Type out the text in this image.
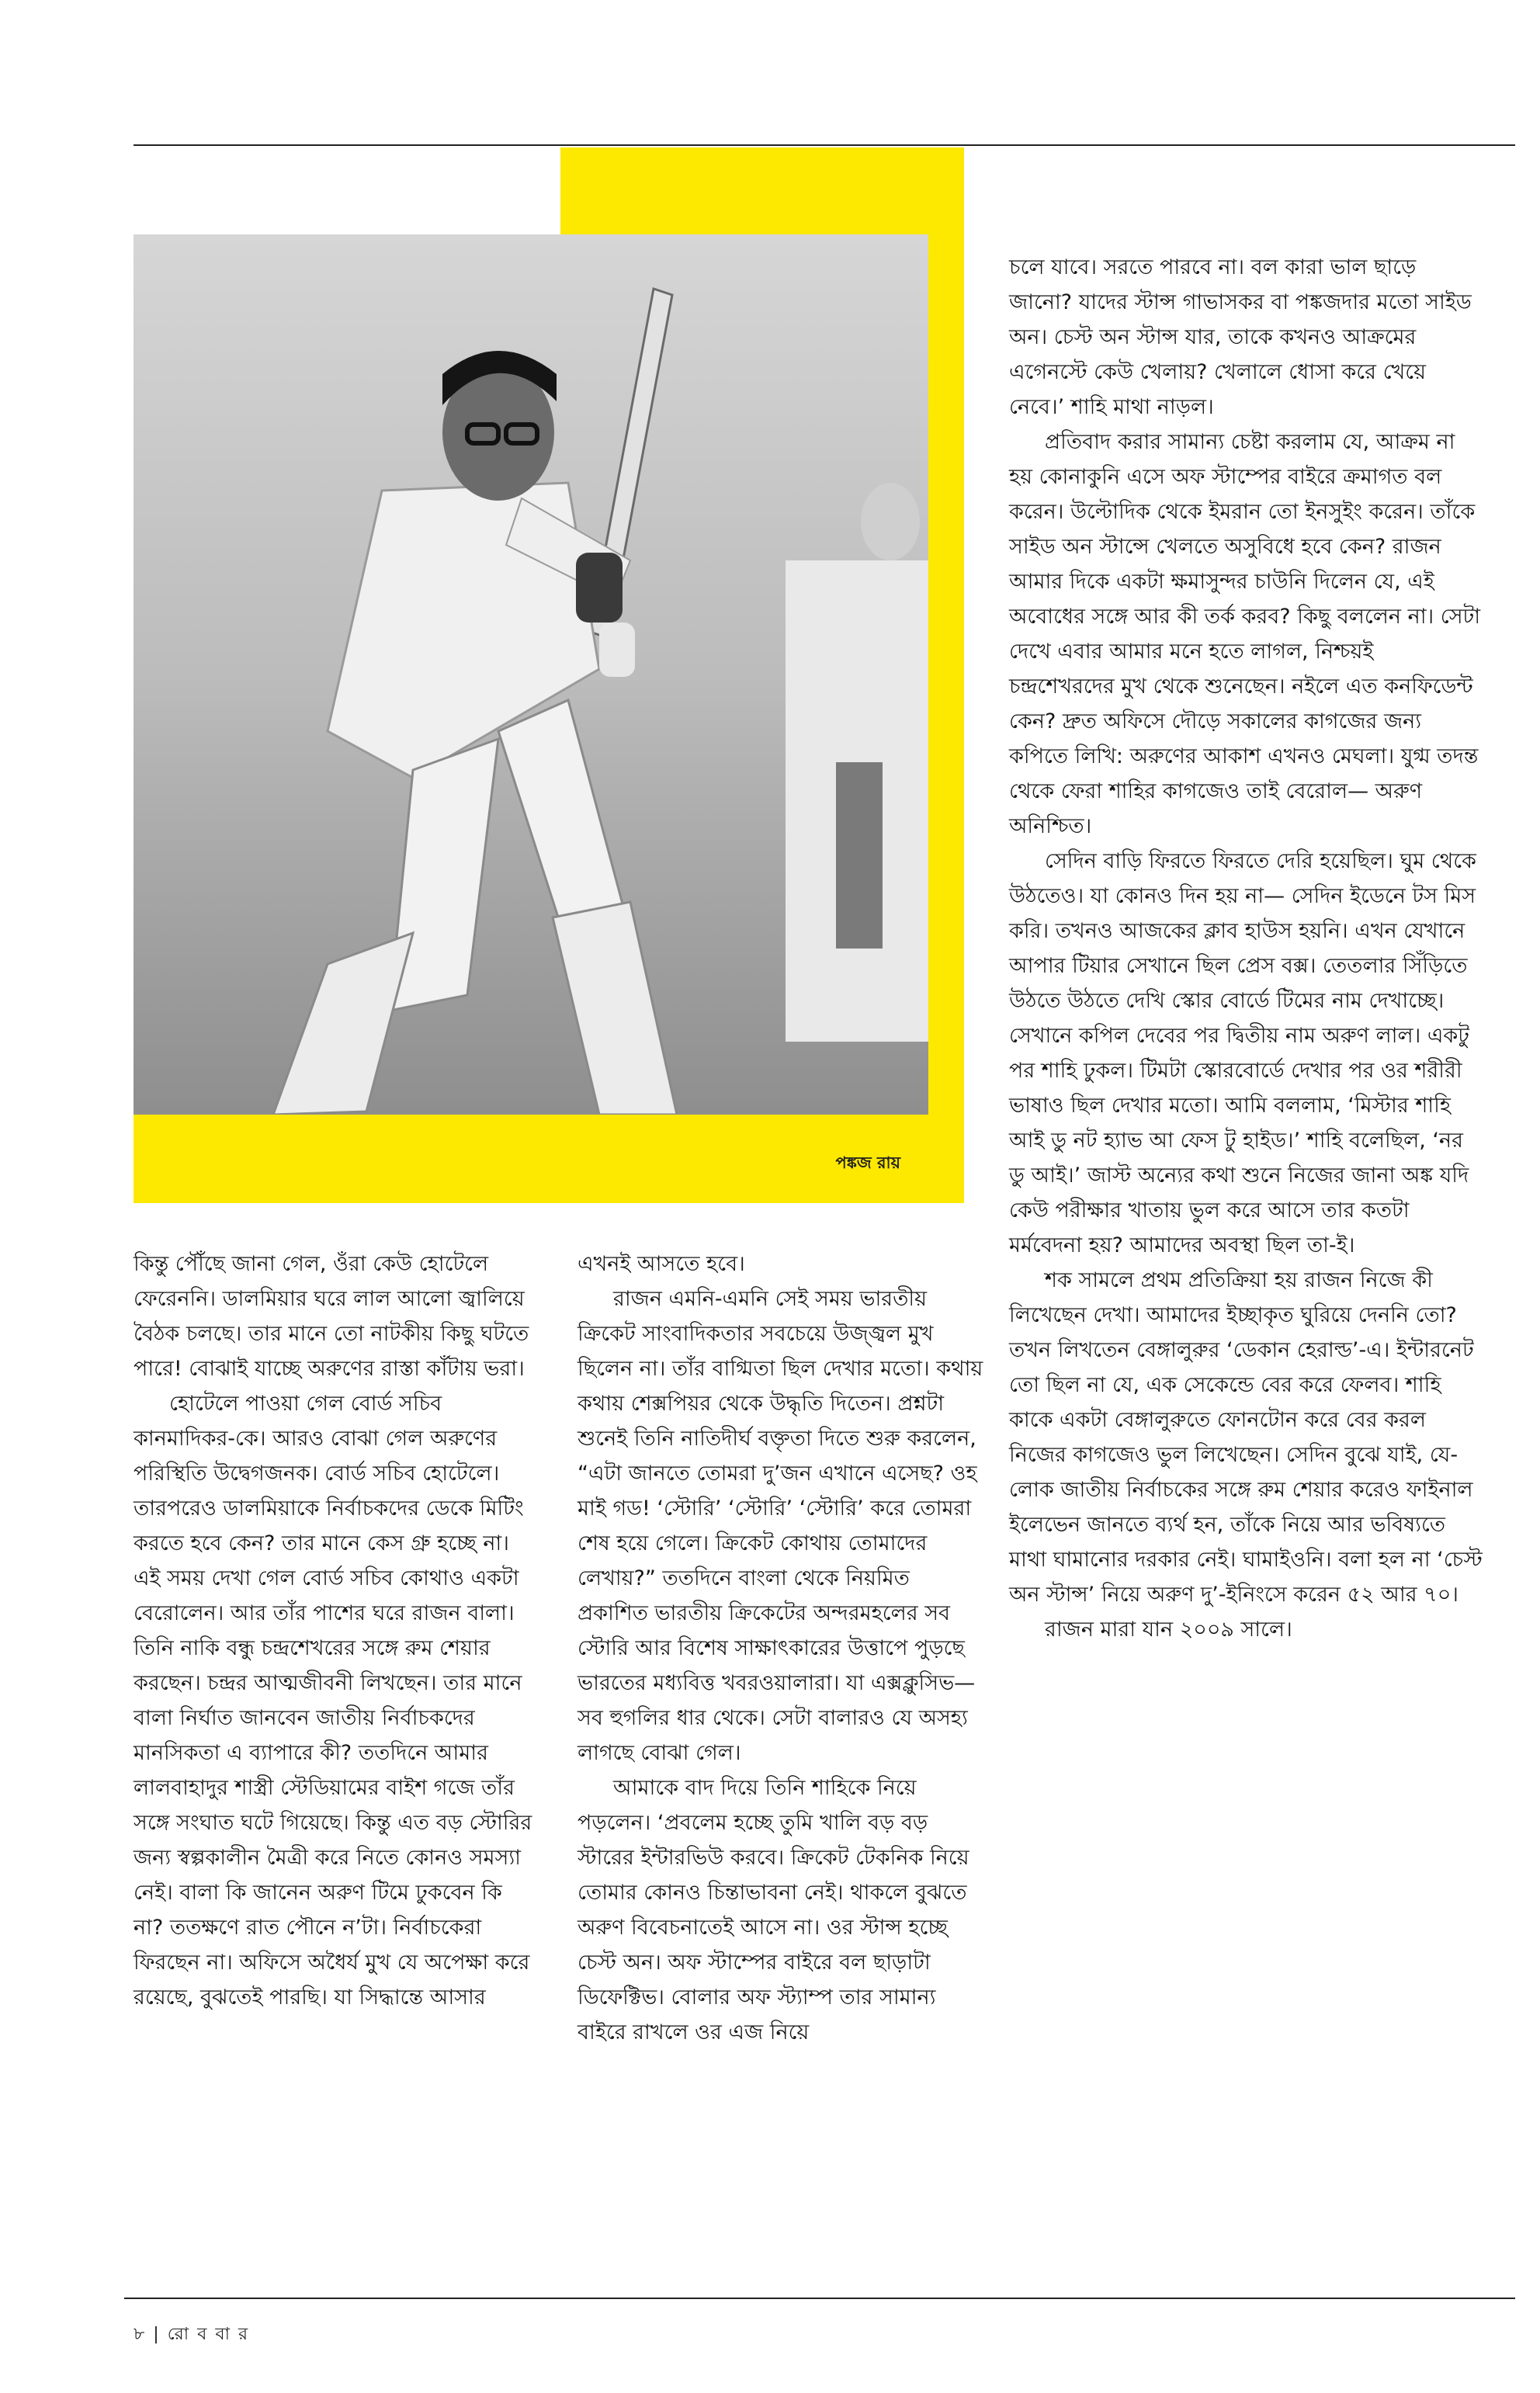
পঙ্কজ রায়

চলে যাবে। সরতে পারবে না। বল কারা ভাল ছাড়ে জানো? যাদের স্টান্স গাভাসকর বা পঙ্কজদার মতো সাইড অন। চেস্ট অন স্টান্স যার, তাকে কখনও আক্রমের এগেনস্টে কেউ খেলায়? খেলালে ধোসা করে খেয়ে নেবে।’ শাহি মাথা নাড়ল।

প্রতিবাদ করার সামান্য চেষ্টা করলাম যে, আক্রম না হয় কোনাকুনি এসে অফ স্টাম্পের বাইরে ক্রমাগত বল করেন। উল্টোদিক থেকে ইমরান তো ইনসুইং করেন। তাঁকে সাইড অন স্টান্সে খেলতে অসুবিধে হবে কেন? রাজন আমার দিকে একটা ক্ষমাসুন্দর চাউনি দিলেন যে, এই অবোধের সঙ্গে আর কী তর্ক করব? কিছু বললেন না। সেটা দেখে এবার আমার মনে হতে লাগল, নিশ্চয়ই চন্দ্রশেখরদের মুখ থেকে শুনেছেন। নইলে এত কনফিডেন্ট কেন? দ্রুত অফিসে দৌড়ে সকালের কাগজের জন্য কপিতে লিখি: অরুণের আকাশ এখনও মেঘলা। যুগ্ম তদন্ত থেকে ফেরা শাহির কাগজেও তাই বেরোল— অরুণ অনিশ্চিত।

সেদিন বাড়ি ফিরতে ফিরতে দেরি হয়েছিল। ঘুম থেকে উঠতেও। যা কোনও দিন হয় না— সেদিন ইডেনে টস মিস করি। তখনও আজকের ক্লাব হাউস হয়নি। এখন যেখানে আপার টিয়ার সেখানে ছিল প্রেস বক্স। তেতলার সিঁড়িতে উঠতে উঠতে দেখি স্কোর বোর্ডে টিমের নাম দেখাচ্ছে। সেখানে কপিল দেবের পর দ্বিতীয় নাম অরুণ লাল। একটু পর শাহি ঢুকল। টিমটা স্কোরবোর্ডে দেখার পর ওর শরীরী ভাষাও ছিল দেখার মতো। আমি বললাম, ‘মিস্টার শাহি আই ডু নট হ্যাভ আ ফেস টু হাইড।’ শাহি বলেছিল, ‘নর ডু আই।’ জাস্ট অন্যের কথা শুনে নিজের জানা অঙ্ক যদি কেউ পরীক্ষার খাতায় ভুল করে আসে তার কতটা মর্মবেদনা হয়? আমাদের অবস্থা ছিল তা-ই।

শক সামলে প্রথম প্রতিক্রিয়া হয় রাজন নিজে কী লিখেছেন দেখা। আমাদের ইচ্ছাকৃত ঘুরিয়ে দেননি তো? তখন লিখতেন বেঙ্গালুরুর ‘ডেকান হেরাল্ড’-এ। ইন্টারনেট তো ছিল না যে, এক সেকেন্ডে বের করে ফেলব। শাহি কাকে একটা বেঙ্গালুরুতে ফোনটোন করে বের করল নিজের কাগজেও ভুল লিখেছেন। সেদিন বুঝে যাই, যে-লোক জাতীয় নির্বাচকের সঙ্গে রুম শেয়ার করেও ফাইনাল ইলেভেন জানতে ব্যর্থ হন, তাঁকে নিয়ে আর ভবিষ্যতে মাথা ঘামানোর দরকার নেই। ঘামাইওনি। বলা হল না ‘চেস্ট অন স্টান্স’ নিয়ে অরুণ দু’-ইনিংসে করেন ৫২ আর ৭০।

রাজন মারা যান ২০০৯ সালে।

কিন্তু পৌঁছে জানা গেল, ওঁরা কেউ হোটেলে ফেরেননি। ডালমিয়ার ঘরে লাল আলো জ্বালিয়ে বৈঠক চলছে। তার মানে তো নাটকীয় কিছু ঘটতে পারে! বোঝাই যাচ্ছে অরুণের রাস্তা কাঁটায় ভরা।

হোটেলে পাওয়া গেল বোর্ড সচিব কানমাদিকর-কে। আরও বোঝা গেল অরুণের পরিস্থিতি উদ্বেগজনক। বোর্ড সচিব হোটেলে। তারপরেও ডালমিয়াকে নির্বাচকদের ডেকে মিটিং করতে হবে কেন? তার মানে কেস গ্রু হচ্ছে না। এই সময় দেখা গেল বোর্ড সচিব কোথাও একটা বেরোলেন। আর তাঁর পাশের ঘরে রাজন বালা। তিনি নাকি বন্ধু চন্দ্রশেখরের সঙ্গে রুম শেয়ার করছেন। চন্দ্রর আত্মজীবনী লিখছেন। তার মানে বালা নির্ঘাত জানবেন জাতীয় নির্বাচকদের মানসিকতা এ ব্যাপারে কী? ততদিনে আমার লালবাহাদুর শাস্ত্রী স্টেডিয়ামের বাইশ গজে তাঁর সঙ্গে সংঘাত ঘটে গিয়েছে। কিন্তু এত বড় স্টোরির জন্য স্বল্পকালীন মৈত্রী করে নিতে কোনও সমস্যা নেই। বালা কি জানেন অরুণ টিমে ঢুকবেন কি না? ততক্ষণে রাত পৌনে ন’টা। নির্বাচকেরা ফিরছেন না। অফিসে অধৈর্য মুখ যে অপেক্ষা করে রয়েছে, বুঝতেই পারছি। যা সিদ্ধান্তে আসার

এখনই আসতে হবে।

রাজন এমনি-এমনি সেই সময় ভারতীয় ক্রিকেট সাংবাদিকতার সবচেয়ে উজ্জ্বল মুখ ছিলেন না। তাঁর বাগ্মিতা ছিল দেখার মতো। কথায় কথায় শেক্সপিয়র থেকে উদ্ধৃতি দিতেন। প্রশ্নটা শুনেই তিনি নাতিদীর্ঘ বক্তৃতা দিতে শুরু করলেন, “এটা জানতে তোমরা দু’জন এখানে এসেছ? ওহ মাই গড! ‘স্টোরি’ ‘স্টোরি’ ‘স্টোরি’ করে তোমরা শেষ হয়ে গেলে। ক্রিকেট কোথায় তোমাদের লেখায়?” ততদিনে বাংলা থেকে নিয়মিত প্রকাশিত ভারতীয় ক্রিকেটের অন্দরমহলের সব স্টোরি আর বিশেষ সাক্ষাৎকারের উত্তাপে পুড়ছে ভারতের মধ্যবিত্ত খবরওয়ালারা। যা এক্সক্লুসিভ— সব হুগলির ধার থেকে। সেটা বালারও যে অসহ্য লাগছে বোঝা গেল।

আমাকে বাদ দিয়ে তিনি শাহিকে নিয়ে পড়লেন। ‘প্রবলেম হচ্ছে তুমি খালি বড় বড় স্টারের ইন্টারভিউ করবে। ক্রিকেট টেকনিক নিয়ে তোমার কোনও চিন্তাভাবনা নেই। থাকলে বুঝতে অরুণ বিবেচনাতেই আসে না। ওর স্টান্স হচ্ছে চেস্ট অন। অফ স্টাম্পের বাইরে বল ছাড়াটা ডিফেক্টিভ। বোলার অফ স্ট্যাম্প তার সামান্য বাইরে রাখলে ওর এজ নিয়ে

৮ | রো ব বা র
